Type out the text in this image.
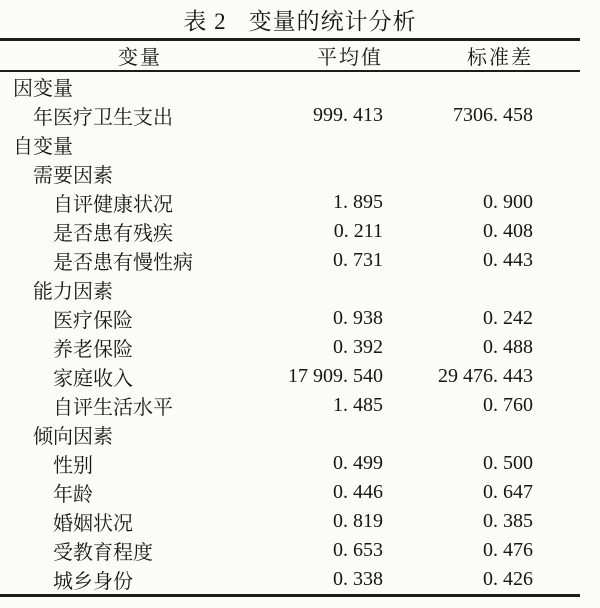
表 2 变量的统计分析
变量	平均值	标准差
因变量		
年医疗卫生支出	999. 413	7306. 458
自变量		
需要因素		
自评健康状况	1. 895	0. 900
是否患有残疾	0. 211	0. 408
是否患有慢性病	0. 731	0. 443
能力因素		
医疗保险	0. 938	0. 242
养老保险	0. 392	0. 488
家庭收入	17 909. 540	29 476. 443
自评生活水平	1. 485	0. 760
倾向因素		
性别	0. 499	0. 500
年龄	0. 446	0. 647
婚姻状况	0. 819	0. 385
受教育程度	0. 653	0. 476
城乡身份	0. 338	0. 426
